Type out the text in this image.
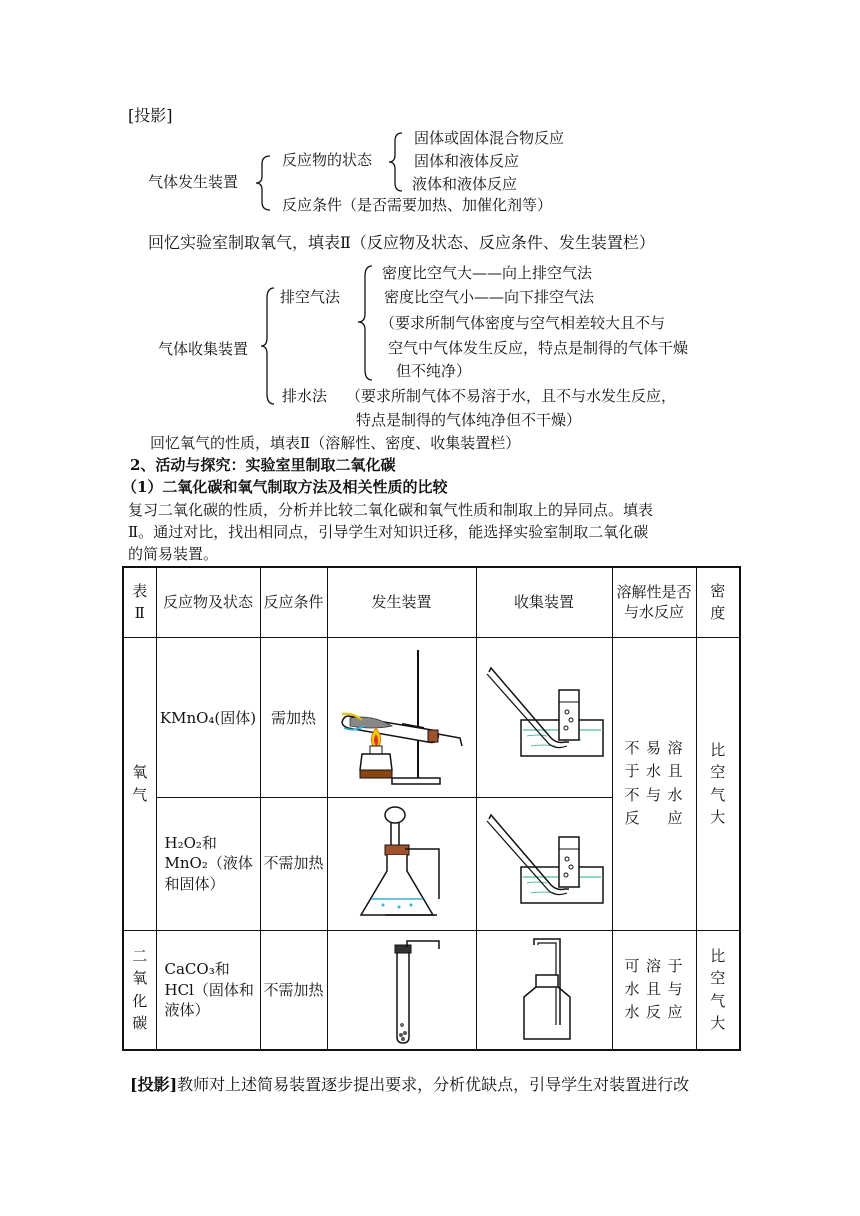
[投影]
气体发生装置
反应物的状态
固体或固体混合物反应
固体和液体反应
液体和液体反应
反应条件（是否需要加热、加催化剂等）
回忆实验室制取氧气，填表Ⅱ（反应物及状态、反应条件、发生装置栏）
气体收集装置
排空气法
密度比空气大——向上排空气法
密度比空气小——向下排空气法
（要求所制气体密度与空气相差较大且不与
空气中气体发生反应，特点是制得的气体干燥
但不纯净）
排水法 （要求所制气体不易溶于水，且不与水发生反应，
特点是制得的气体纯净但不干燥）
回忆氧气的性质，填表Ⅱ（溶解性、密度、收集装置栏）
2、活动与探究：实验室里制取二氧化碳
（1）二氧化碳和氧气制取方法及相关性质的比较
复习二氧化碳的性质，分析并比较二氧化碳和氧气性质和制取上的异同点。填表
Ⅱ。通过对比，找出相同点，引导学生对知识迁移，能选择实验室制取二氧化碳
的简易装置。
表Ⅱ	反应物及状态	反应条件	发生装置	收集装置	溶解性是否与水反应	密度
氧气	KMnO₄(固体)	需加热			不易溶于水且不与水反应	比空气大
	H₂O₂和MnO₂（液体和固体）	不需加热	

二氧化碳	CaCO₃和HCl（固体和液体）	不需加热			可溶于水且与水反应	比空气大
[投影]教师对上述简易装置逐步提出要求，分析优缺点，引导学生对装置进行改
